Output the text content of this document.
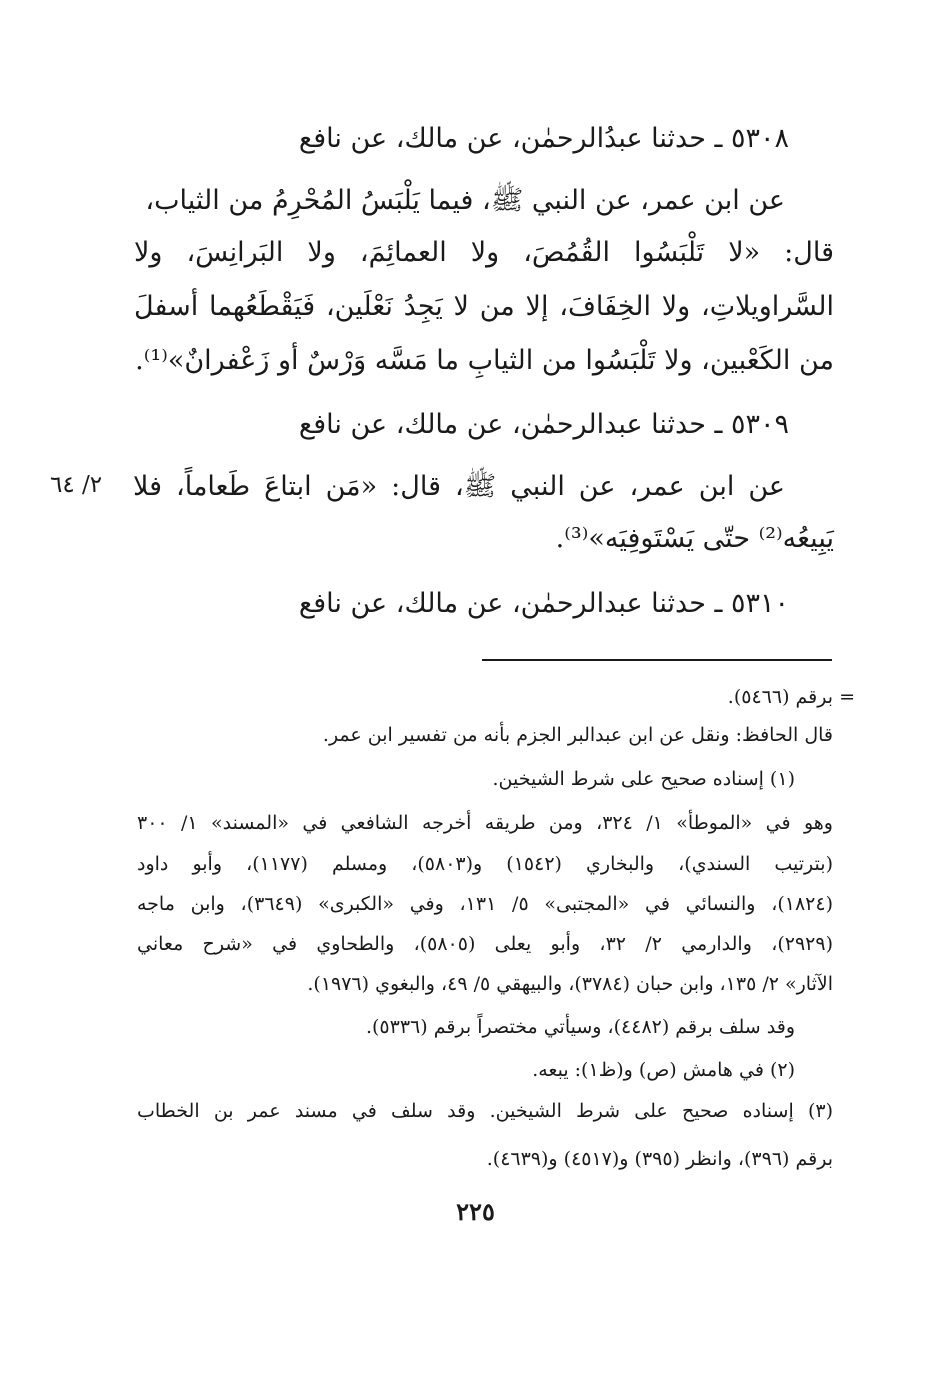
٥٣٠٨ ـ حدثنا عبدُالرحمٰن، عن مالك، عن نافع
عن ابن عمر، عن النبي ﷺ، فيما يَلْبَسُ المُحْرِمُ من الثياب،
قال: «لا تَلْبَسُوا القُمُصَ، ولا العمائِمَ، ولا البَرانِسَ، ولا
السَّراويلاتِ، ولا الخِفَافَ، إلا من لا يَجِدُ نَعْلَين، فَيَقْطَعُهما أسفلَ
من الكَعْبين، ولا تَلْبَسُوا من الثيابِ ما مَسَّه وَرْسٌ أو زَعْفرانٌ»⁽¹⁾.
٥٣٠٩ ـ حدثنا عبدالرحمٰن، عن مالك، عن نافع
عن ابن عمر، عن النبي ﷺ، قال: «مَن ابتاعَ طَعاماً، فلا
يَبِيعُه⁽²⁾ حتّى يَسْتَوفِيَه»⁽³⁾.
٢/ ٦٤
٥٣١٠ ـ حدثنا عبدالرحمٰن، عن مالك، عن نافع
= برقم (٥٤٦٦).
قال الحافظ: ونقل عن ابن عبدالبر الجزم بأنه من تفسير ابن عمر.
(١) إسناده صحيح على شرط الشيخين.
وهو في «الموطأ» ١/ ٣٢٤، ومن طريقه أخرجه الشافعي في «المسند» ١/ ٣٠٠
(بترتيب السندي)، والبخاري (١٥٤٢) و(٥٨٠٣)، ومسلم (١١٧٧)، وأبو داود
(١٨٢٤)، والنسائي في «المجتبى» ٥/ ١٣١، وفي «الكبرى» (٣٦٤٩)، وابن ماجه
(٢٩٢٩)، والدارمي ٢/ ٣٢، وأبو يعلى (٥٨٠٥)، والطحاوي في «شرح معاني
الآثار» ٢/ ١٣٥، وابن حبان (٣٧٨٤)، والبيهقي ٥/ ٤٩، والبغوي (١٩٧٦).
وقد سلف برقم (٤٤٨٢)، وسيأتي مختصراً برقم (٥٣٣٦).
(٢) في هامش (ص) و(ظ١): يبعه.
(٣) إسناده صحيح على شرط الشيخين. وقد سلف في مسند عمر بن الخطاب
برقم (٣٩٦)، وانظر (٣٩٥) و(٤٥١٧) و(٤٦٣٩).
٢٢٥
